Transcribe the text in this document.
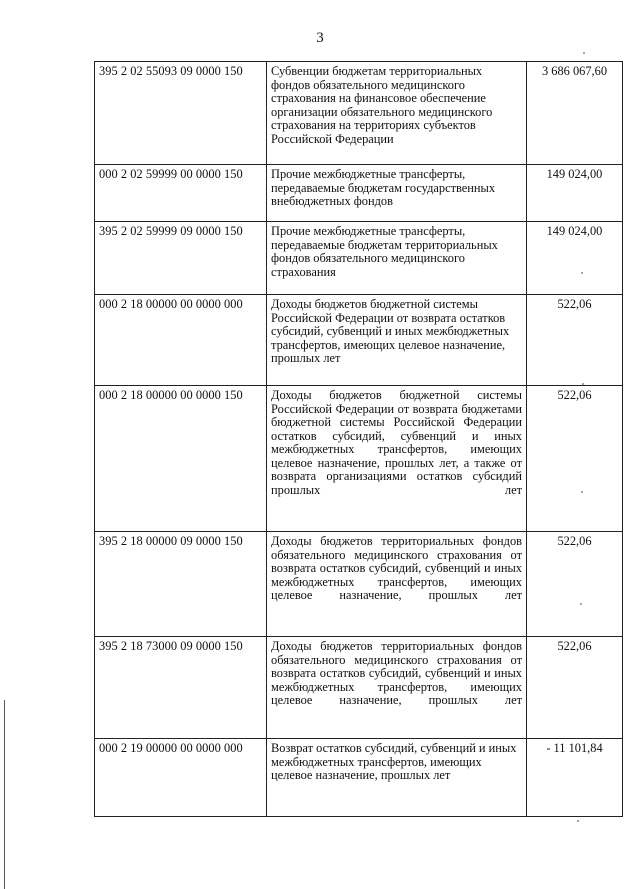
3
395 2 02 55093 09 0000 150	Субвенции бюджетам территориальных фондов обязательного медицинского страхования на финансовое обеспечение организации обязательного медицинского страхования на территориях субъектов Российской Федерации	3 686 067,60
000 2 02 59999 00 0000 150	Прочие межбюджетные трансферты, передаваемые бюджетам государственных внебюджетных фондов	149 024,00
395 2 02 59999 09 0000 150	Прочие межбюджетные трансферты, передаваемые бюджетам территориальных фондов обязательного медицинского страхования	149 024,00
000 2 18 00000 00 0000 000	Доходы бюджетов бюджетной системы Российской Федерации от возврата остатков субсидий, субвенций и иных межбюджетных трансфертов, имеющих целевое назначение, прошлых лет	522,06
000 2 18 00000 00 0000 150	Доходы бюджетов бюджетной системы Российской Федерации от возврата бюджетами бюджетной системы Российской Федерации остатков субсидий, субвенций и иных межбюджетных трансфертов, имеющих целевое назначение, прошлых лет, а также от возврата организациями остатков субсидий прошлых лет	522,06
395 2 18 00000 09 0000 150	Доходы бюджетов территориальных фондов обязательного медицинского страхования от возврата остатков субсидий, субвенций и иных межбюджетных трансфертов, имеющих целевое назначение, прошлых лет	522,06
395 2 18 73000 09 0000 150	Доходы бюджетов территориальных фондов обязательного медицинского страхования от возврата остатков субсидий, субвенций и иных межбюджетных трансфертов, имеющих целевое назначение, прошлых лет	522,06
000 2 19 00000 00 0000 000	Возврат остатков субсидий, субвенций и иных межбюджетных трансфертов, имеющих целевое назначение, прошлых лет	- 11 101,84
